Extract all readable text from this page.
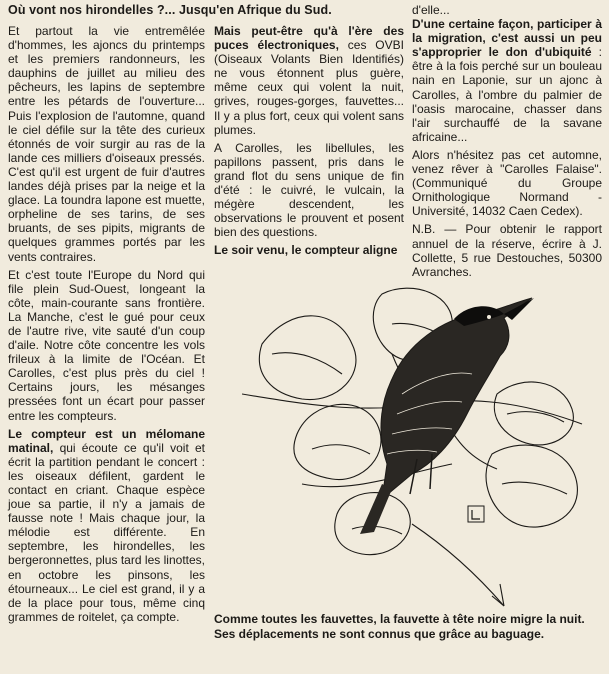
Où vont nos hirondelles ?... Jusqu'en Afrique du Sud.

Et partout la vie entremêlée d'hommes, les ajoncs du printemps et les premiers randonneurs, les dauphins de juillet au milieu des pêcheurs, les lapins de septembre entre les pétards de l'ouverture... Puis l'explosion de l'automne, quand le ciel défile sur la tête des curieux étonnés de voir surgir au ras de la lande ces milliers d'oiseaux pressés. C'est qu'il est urgent de fuir d'autres landes déjà prises par la neige et la glace. La toundra lapone est muette, orpheline de ses tarins, de ses bruants, de ses pipits, migrants de quelques grammes portés par les vents contraires.

Et c'est toute l'Europe du Nord qui file plein Sud-Ouest, longeant la côte, main-courante sans frontière. La Manche, c'est le gué pour ceux de l'autre rive, vite sauté d'un coup d'aile. Notre côte concentre les vols frileux à la limite de l'Océan. Et Carolles, c'est plus près du ciel ! Certains jours, les mésanges pressées font un écart pour passer entre les compteurs.

Le compteur est un mélomane matinal, qui écoute ce qu'il voit et écrit la partition pendant le concert : les oiseaux défilent, gardent le contact en criant. Chaque espèce joue sa partie, il n'y a jamais de fausse note ! Mais chaque jour, la mélodie est différente. En septembre, les hirondelles, les bergeronnettes, plus tard les linottes, en octobre les pinsons, les étourneaux... Le ciel est grand, il y a de la place pour tous, même cinq grammes de roitelet, ça compte.

Mais peut-être qu'à l'ère des puces électroniques, ces OVBI (Oiseaux Volants Bien Identifiés) ne vous étonnent plus guère, même ceux qui volent la nuit, grives, rouges-gorges, fauvettes... Il y a plus fort, ceux qui volent sans plumes.

A Carolles, les libellules, les papillons passent, pris dans le grand flot du sens unique de fin d'été : le cuivré, le vulcain, la mégère descendent, les observations le prouvent et posent bien des questions.

Le soir venu, le compteur aligne

d'elle...

D'une certaine façon, participer à la migration, c'est aussi un peu s'approprier le don d'ubiquité : être à la fois perché sur un bouleau nain en Laponie, sur un ajonc à Carolles, à l'ombre du palmier de l'oasis marocaine, chasser dans l'air surchauffé de la savane africaine...

Alors n'hésitez pas cet automne, venez rêver à "Carolles Falaise". (Communiqué du Groupe Ornithologique Normand - Université, 14032 Caen Cedex).

N.B. — Pour obtenir le rapport annuel de la réserve, écrire à J. Collette, 5 rue Destouches, 50300 Avranches.

Comme toutes les fauvettes, la fauvette à tête noire migre la nuit. Ses déplacements ne sont connus que grâce au baguage.
